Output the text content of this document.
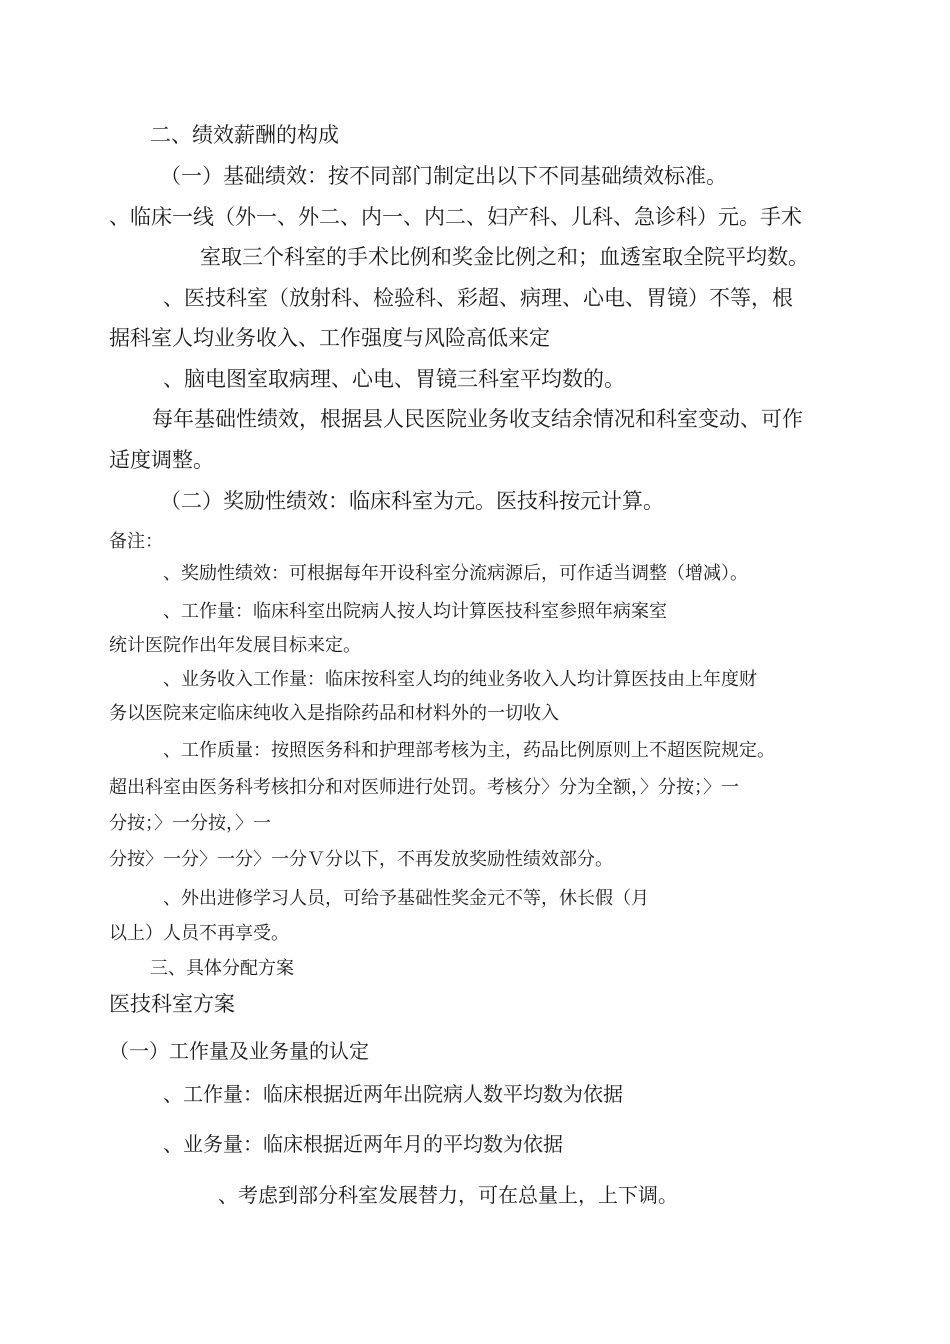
二、绩效薪酬的构成
（一）基础绩效：按不同部门制定出以下不同基础绩效标准。
、临床一线（外一、外二、内一、内二、妇产科、儿科、急诊科）元。手术
室取三个科室的手术比例和奖金比例之和；血透室取全院平均数。
、医技科室（放射科、检验科、彩超、病理、心电、胃镜）不等，根
据科室人均业务收入、工作强度与风险高低来定
、脑电图室取病理、心电、胃镜三科室平均数的。
每年基础性绩效，根据县人民医院业务收支结余情况和科室变动、可作
适度调整。
（二）奖励性绩效：临床科室为元。医技科按元计算。
备注：
、奖励性绩效：可根据每年开设科室分流病源后，可作适当调整（增减）。
、工作量：临床科室出院病人按人均计算医技科室参照年病案室
统计医院作出年发展目标来定。
、业务收入工作量：临床按科室人均的纯业务收入人均计算医技由上年度财
务以医院来定临床纯收入是指除药品和材料外的一切收入
、工作质量：按照医务科和护理部考核为主，药品比例原则上不超医院规定。
超出科室由医务科考核扣分和对医师进行处罚。考核分〉分为全额，〉分按；〉一
分按；〉一分按，〉一
分按〉一分〉一分〉一分Ｖ分以下，不再发放奖励性绩效部分。
、外出进修学习人员，可给予基础性奖金元不等，休长假（月
以上）人员不再享受。
三、具体分配方案
医技科室方案
（一）工作量及业务量的认定
、工作量：临床根据近两年出院病人数平均数为依据
、业务量：临床根据近两年月的平均数为依据
、考虑到部分科室发展替力，可在总量上，上下调。
